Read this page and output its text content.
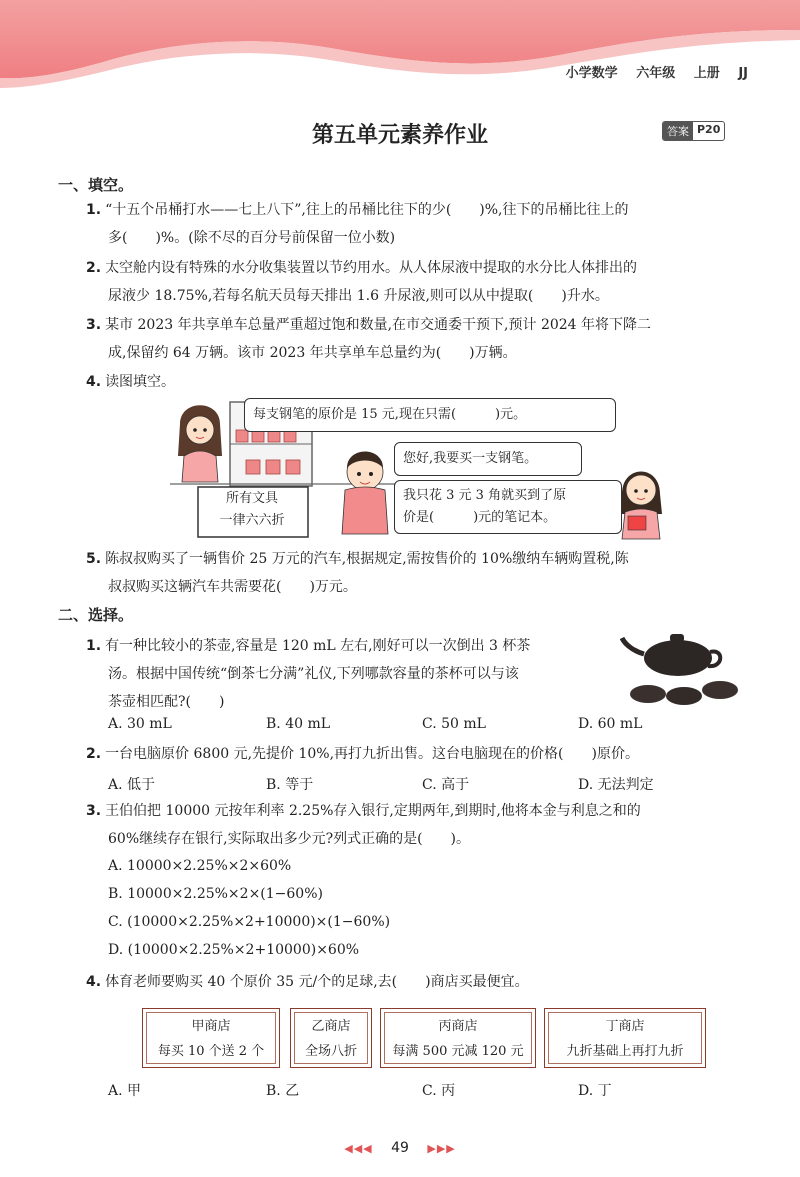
小学数学 六年级 上册 JJ
第五单元素养作业	答案 P20
一、填空。
1. “十五个吊桶打水——七上八下”,往上的吊桶比往下的少(　　)%,往下的吊桶比往上的
多(　　)%。(除不尽的百分号前保留一位小数)
2. 太空舱内设有特殊的水分收集装置以节约用水。从人体尿液中提取的水分比人体排出的
尿液少 18.75%,若每名航天员每天排出 1.6 升尿液,则可以从中提取(　　)升水。
3. 某市 2023 年共享单车总量严重超过饱和数量,在市交通委干预下,预计 2024 年将下降二
成,保留约 64 万辆。该市 2023 年共享单车总量约为(　　)万辆。
4. 读图填空。
每支钢笔的原价是 15 元,现在只需(　　　)元。
所有文具
一律六六折
您好,我要买一支钢笔。
我只花 3 元 3 角就买到了原
价是(　　　)元的笔记本。
5. 陈叔叔购买了一辆售价 25 万元的汽车,根据规定,需按售价的 10%缴纳车辆购置税,陈
叔叔购买这辆汽车共需要花(　　)万元。
二、选择。
1. 有一种比较小的茶壶,容量是 120 mL 左右,刚好可以一次倒出 3 杯茶
汤。根据中国传统“倒茶七分满”礼仪,下列哪款容量的茶杯可以与该
茶壶相匹配?(　　)
A. 30 mL	B. 40 mL	C. 50 mL	D. 60 mL
2. 一台电脑原价 6800 元,先提价 10%,再打九折出售。这台电脑现在的价格(　　)原价。
A. 低于	B. 等于	C. 高于	D. 无法判定
3. 王伯伯把 10000 元按年利率 2.25%存入银行,定期两年,到期时,他将本金与利息之和的
60%继续存在银行,实际取出多少元?列式正确的是(　　)。
A. 10000×2.25%×2×60%
B. 10000×2.25%×2×(1−60%)
C. (10000×2.25%×2+10000)×(1−60%)
D. (10000×2.25%×2+10000)×60%
4. 体育老师要购买 40 个原价 35 元/个的足球,去(　　)商店买最便宜。
甲商店
每买 10 个送 2 个
乙商店
全场八折
丙商店
每满 500 元减 120 元
丁商店
九折基础上再打九折
A. 甲	B. 乙	C. 丙	D. 丁
◀◀◀ 49 ▶▶▶
